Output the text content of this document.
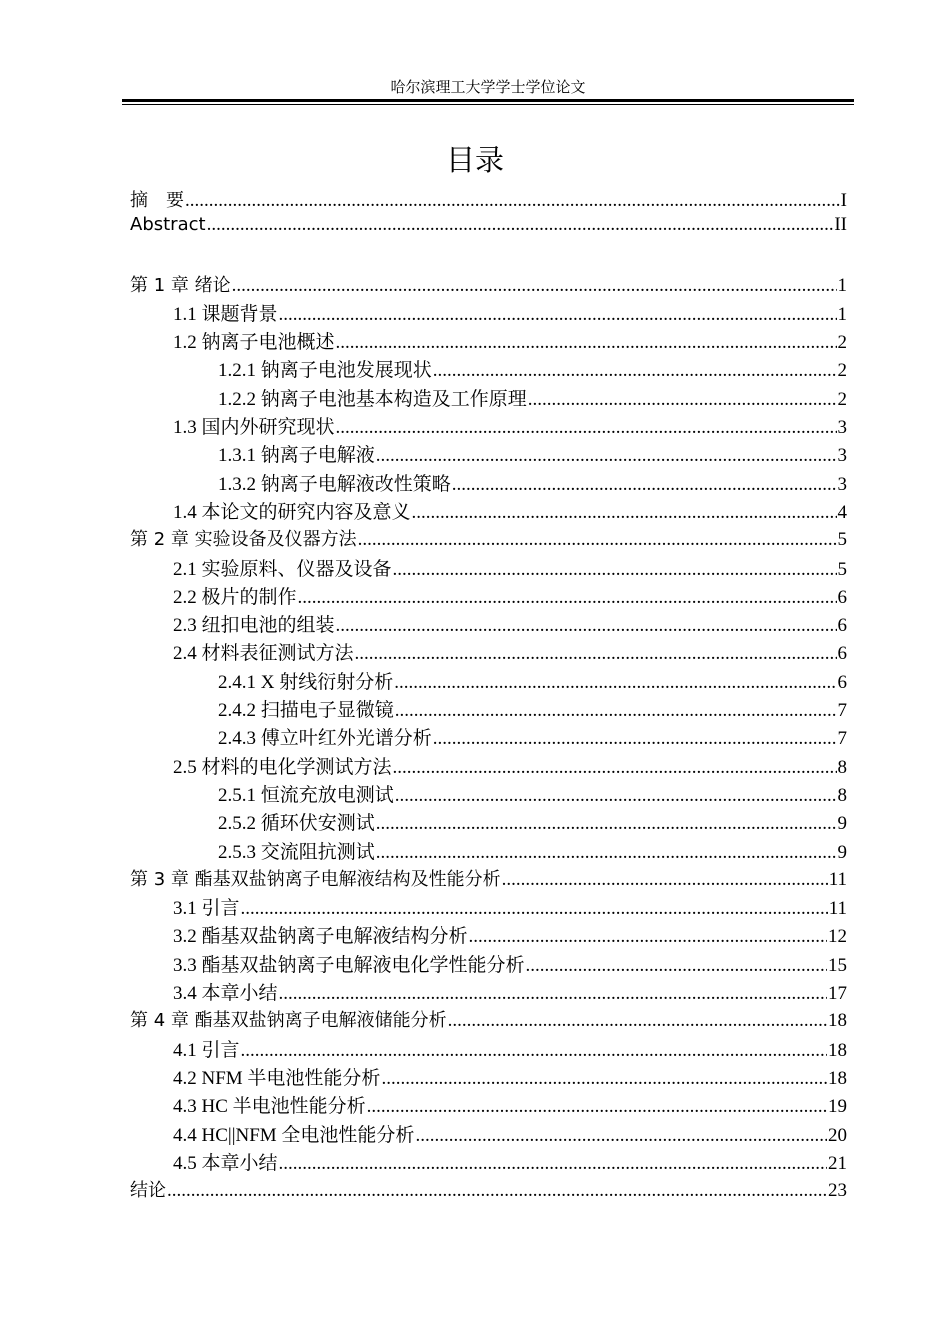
哈尔滨理工大学学士学位论文
目录
摘　要 .....	I
Abstract .....	II
第 1 章 绪论 .....	1
1.1 课题背景 .....	1
1.2 钠离子电池概述 .....	2
1.2.1 钠离子电池发展现状 .....	2
1.2.2 钠离子电池基本构造及工作原理 .....	2
1.3 国内外研究现状 .....	3
1.3.1 钠离子电解液 .....	3
1.3.2 钠离子电解液改性策略 .....	3
1.4 本论文的研究内容及意义 .....	4
第 2 章 实验设备及仪器方法 .....	5
2.1 实验原料、仪器及设备 .....	5
2.2 极片的制作 .....	6
2.3 纽扣电池的组装 .....	6
2.4 材料表征测试方法 .....	6
2.4.1 X 射线衍射分析 .....	6
2.4.2 扫描电子显微镜 .....	7
2.4.3 傅立叶红外光谱分析 .....	7
2.5 材料的电化学测试方法 .....	8
2.5.1 恒流充放电测试 .....	8
2.5.2 循环伏安测试 .....	9
2.5.3 交流阻抗测试 .....	9
第 3 章 酯基双盐钠离子电解液结构及性能分析 .....	11
3.1 引言 .....	11
3.2 酯基双盐钠离子电解液结构分析 .....	12
3.3 酯基双盐钠离子电解液电化学性能分析 .....	15
3.4 本章小结 .....	17
第 4 章 酯基双盐钠离子电解液储能分析 .....	18
4.1 引言 .....	18
4.2 NFM 半电池性能分析 .....	18
4.3 HC 半电池性能分析 .....	19
4.4 HC||NFM 全电池性能分析 .....	20
4.5 本章小结 .....	21
结论 .....	23
